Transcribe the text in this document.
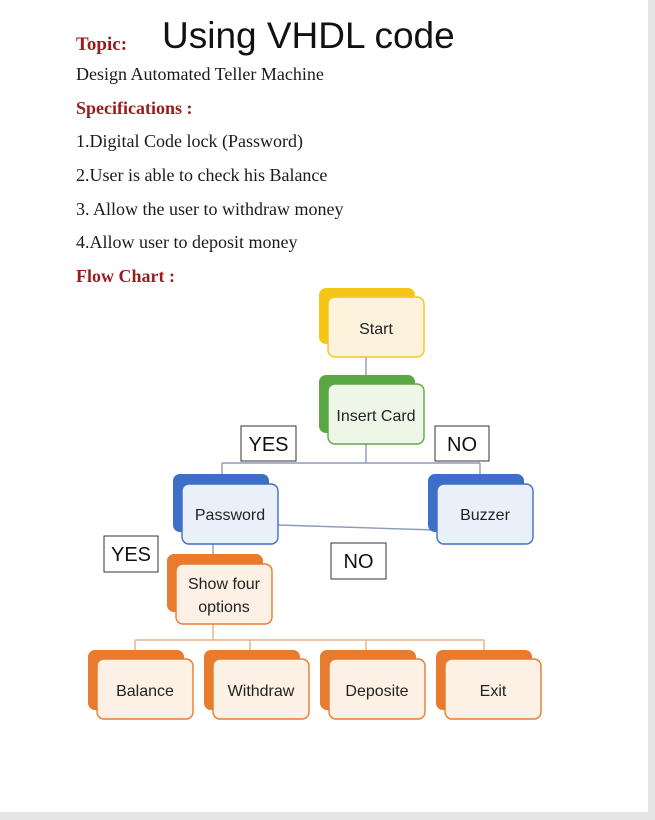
Topic: Using VHDL code
Design Automated Teller Machine
Specifications :
1.Digital Code lock (Password)
2.User is able to check his Balance
3. Allow the user to withdraw money
4.Allow user to deposit money
Flow Chart :
Start
Insert Card
Password	Buzzer
Show four
options
Balance	Withdraw	Deposite	Exit
YES	NO
YES	NO
